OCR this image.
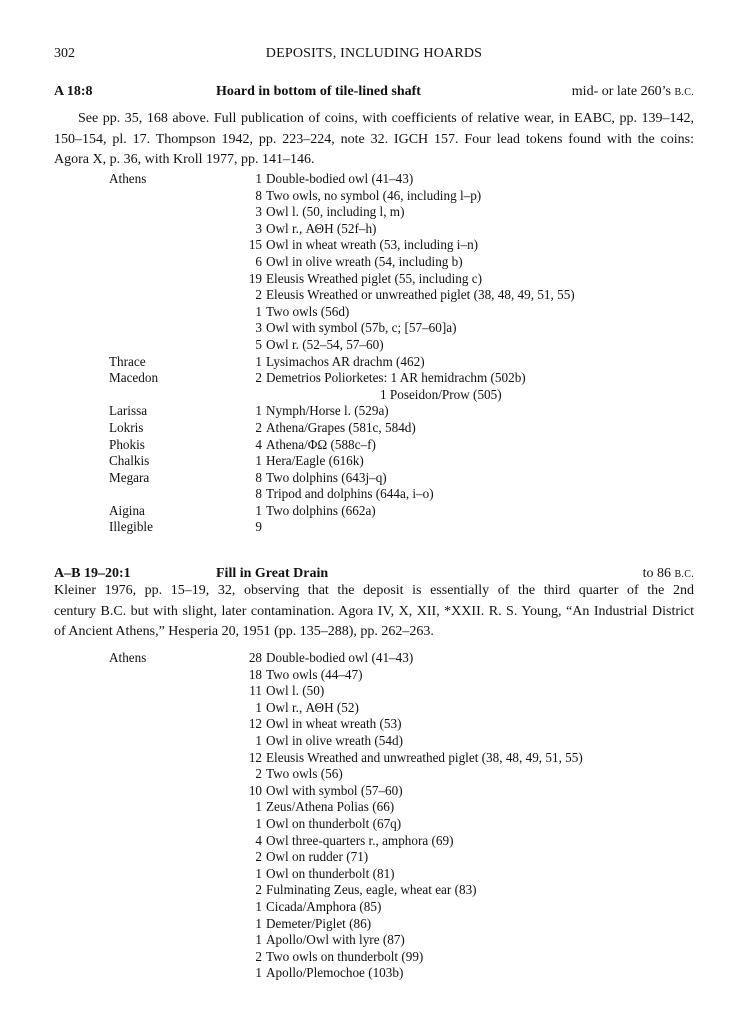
302	DEPOSITS, INCLUDING HOARDS
A 18:8	Hoard in bottom of tile-lined shaft	mid- or late 260’s B.C.
See pp. 35, 168 above. Full publication of coins, with coefficients of relative wear, in EABC, pp. 139–142,
150–154, pl. 17. Thompson 1942, pp. 223–224, note 32. IGCH 157. Four lead tokens found with the coins:
Agora X, p. 36, with Kroll 1977, pp. 141–146.
Athens	1 Double-bodied owl (41–43)
8 Two owls, no symbol (46, including l–p)
3 Owl l. (50, including l, m)
3 Owl r., ΑΘΗ (52f–h)
15 Owl in wheat wreath (53, including i–n)
6 Owl in olive wreath (54, including b)
19 Eleusis Wreathed piglet (55, including c)
2 Eleusis Wreathed or unwreathed piglet (38, 48, 49, 51, 55)
1 Two owls (56d)
3 Owl with symbol (57b, c; [57–60]a)
5 Owl r. (52–54, 57–60)
Thrace	1 Lysimachos AR drachm (462)
Macedon	2 Demetrios Poliorketes: 1 AR hemidrachm (502b)
1 Poseidon/Prow (505)
Larissa	1 Nymph/Horse l. (529a)
Lokris	2 Athena/Grapes (581c, 584d)
Phokis	4 Athena/ΦΩ (588c–f)
Chalkis	1 Hera/Eagle (616k)
Megara	8 Two dolphins (643j–q)
8 Tripod and dolphins (644a, i–o)
Aigina	1 Two dolphins (662a)
Illegible	9
A–B 19–20:1	Fill in Great Drain	to 86 B.C.
Kleiner 1976, pp. 15–19, 32, observing that the deposit is essentially of the third quarter of the 2nd
century B.C. but with slight, later contamination. Agora IV, X, XII, *XXII. R. S. Young, “An Industrial District
of Ancient Athens,” Hesperia 20, 1951 (pp. 135–288), pp. 262–263.
Athens	28 Double-bodied owl (41–43)
18 Two owls (44–47)
11 Owl l. (50)
1 Owl r., ΑΘΗ (52)
12 Owl in wheat wreath (53)
1 Owl in olive wreath (54d)
12 Eleusis Wreathed and unwreathed piglet (38, 48, 49, 51, 55)
2 Two owls (56)
10 Owl with symbol (57–60)
1 Zeus/Athena Polias (66)
1 Owl on thunderbolt (67q)
4 Owl three-quarters r., amphora (69)
2 Owl on rudder (71)
1 Owl on thunderbolt (81)
2 Fulminating Zeus, eagle, wheat ear (83)
1 Cicada/Amphora (85)
1 Demeter/Piglet (86)
1 Apollo/Owl with lyre (87)
2 Two owls on thunderbolt (99)
1 Apollo/Plemochoe (103b)
